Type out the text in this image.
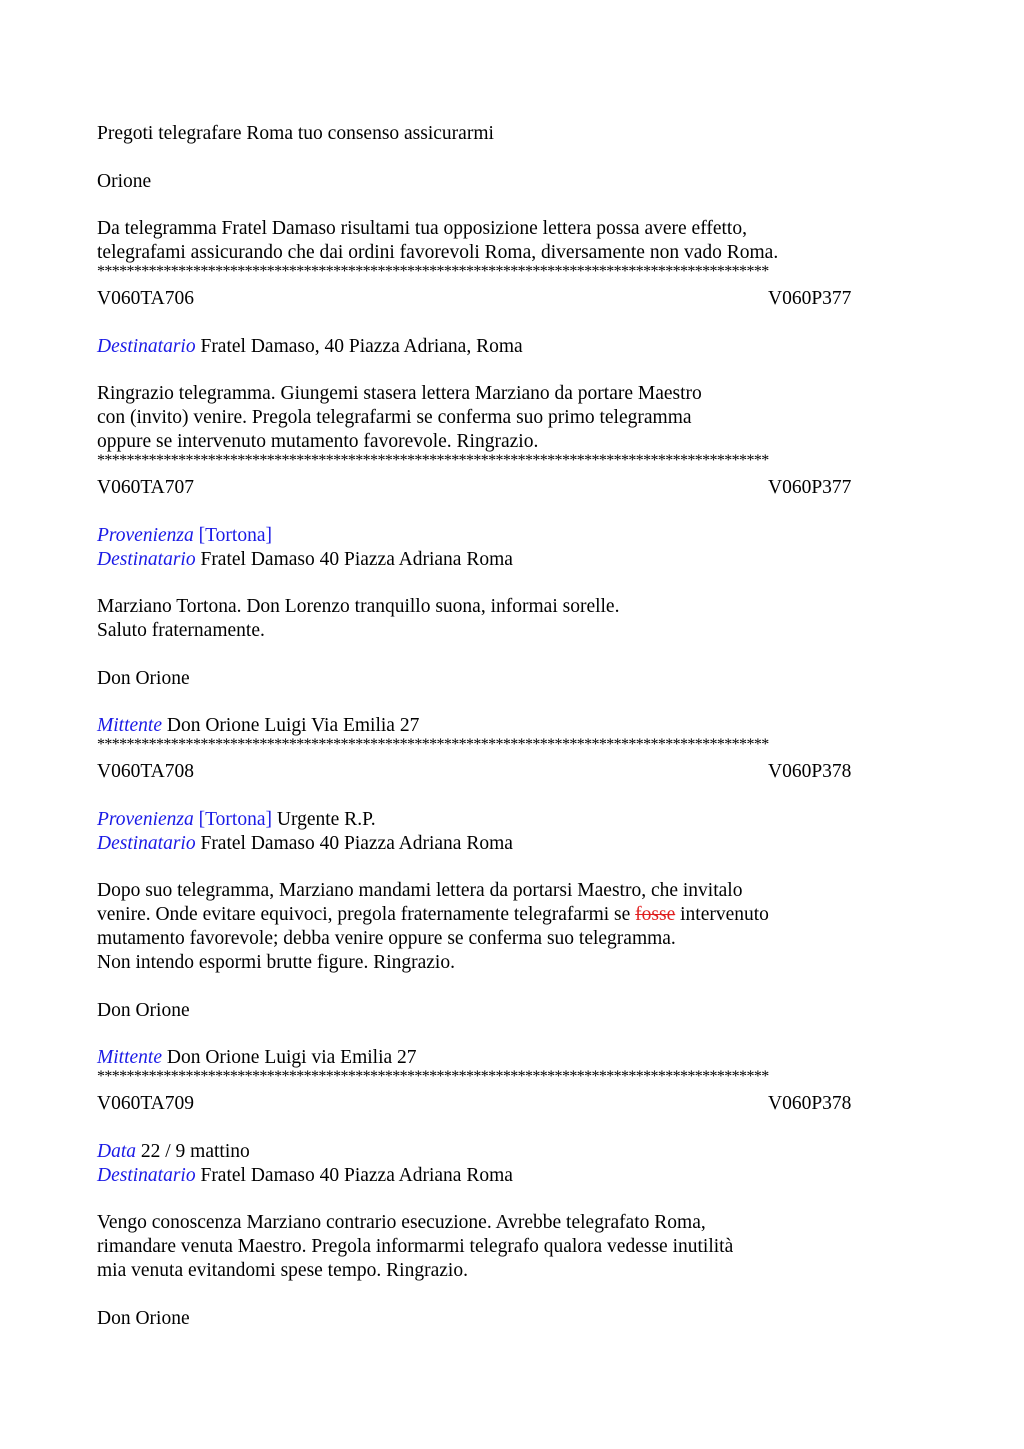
Pregoti telegrafare Roma tuo consenso assicurarmi
Orione
Da telegramma Fratel Damaso risultami tua opposizione lettera possa avere effetto,
telegrafami assicurando che dai ordini favorevoli Roma, diversamente non vado Roma.
*******************************************************************************************
V060TA706	V060P377
Destinatario Fratel Damaso, 40 Piazza Adriana, Roma
Ringrazio telegramma. Giungemi stasera lettera Marziano da portare Maestro
con (invito) venire. Pregola telegrafarmi se conferma suo primo telegramma
oppure se intervenuto mutamento favorevole. Ringrazio.
*******************************************************************************************
V060TA707	V060P377
Provenienza [Tortona]
Destinatario Fratel Damaso 40 Piazza Adriana Roma
Marziano Tortona. Don Lorenzo tranquillo suona, informai sorelle.
Saluto fraternamente.
Don Orione
Mittente Don Orione Luigi Via Emilia 27
*******************************************************************************************
V060TA708	V060P378
Provenienza [Tortona] Urgente R.P.
Destinatario Fratel Damaso 40 Piazza Adriana Roma
Dopo suo telegramma, Marziano mandami lettera da portarsi Maestro, che invitalo
venire. Onde evitare equivoci, pregola fraternamente telegrafarmi se fosse intervenuto
mutamento favorevole; debba venire oppure se conferma suo telegramma.
Non intendo espormi brutte figure. Ringrazio.
Don Orione
Mittente Don Orione Luigi via Emilia 27
*******************************************************************************************
V060TA709	V060P378
Data 22 / 9 mattino
Destinatario Fratel Damaso 40 Piazza Adriana Roma
Vengo conoscenza Marziano contrario esecuzione. Avrebbe telegrafato Roma,
rimandare venuta Maestro. Pregola informarmi telegrafo qualora vedesse inutilità
mia venuta evitandomi spese tempo. Ringrazio.
Don Orione
